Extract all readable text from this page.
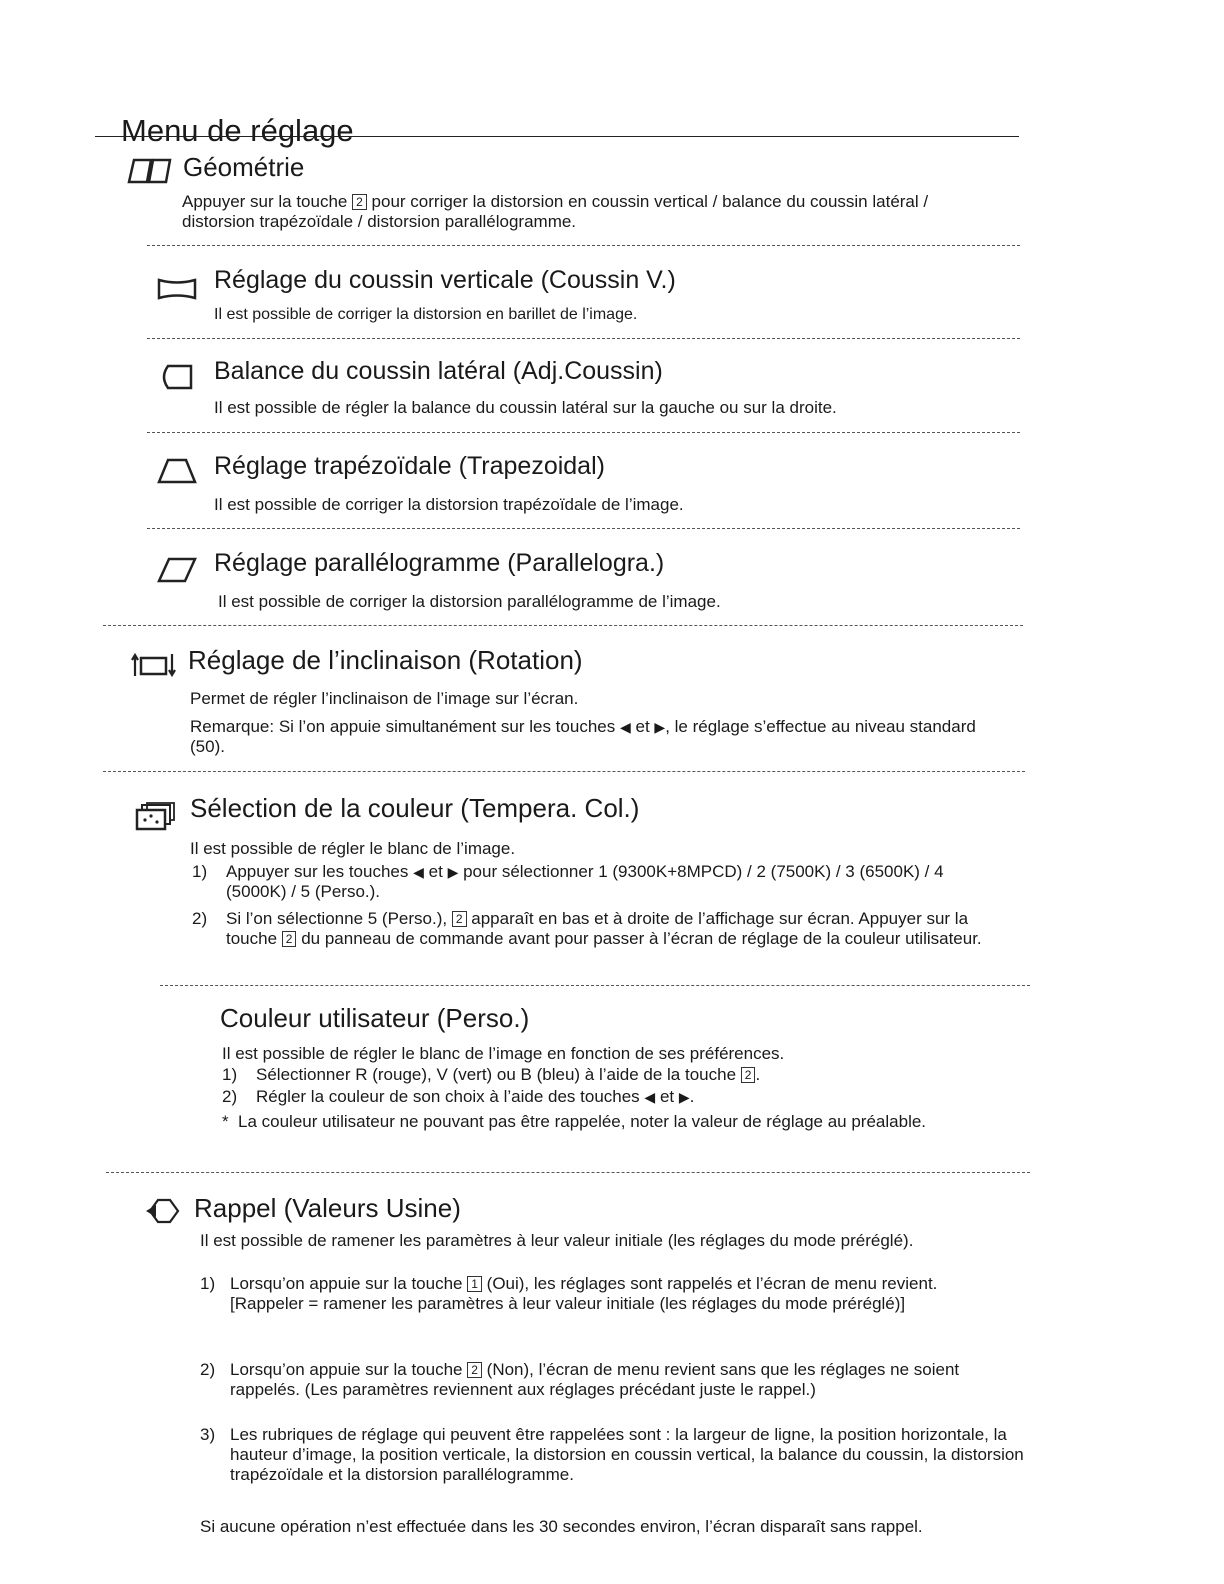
Menu de réglage
Géométrie
Appuyer sur la touche 2 pour corriger la distorsion en coussin vertical / balance du coussin latéral / distorsion trapézoïdale / distorsion parallélogramme.
Réglage du coussin verticale (Coussin V.)
Il est possible de corriger la distorsion en barillet de l’image.
Balance du coussin latéral (Adj.Coussin)
Il est possible de régler la balance du coussin latéral sur la gauche ou sur la droite.
Réglage trapézoïdale (Trapezoidal)
Il est possible de corriger la distorsion trapézoïdale de l’image.
Réglage parallélogramme (Parallelogra.)
Il est possible de corriger la distorsion parallélogramme de l’image.
Réglage de l’inclinaison (Rotation)
Permet de régler l’inclinaison de l’image sur l’écran.
Remarque: Si l’on appuie simultanément sur les touches ◀ et ▶, le réglage s’effectue au niveau standard (50).
Sélection de la couleur (Tempera. Col.)
Il est possible de régler le blanc de l’image.
1)	Appuyer sur les touches ◀ et ▶ pour sélectionner 1 (9300K+8MPCD) / 2 (7500K) / 3 (6500K) / 4 (5000K) / 5 (Perso.).
2)	Si l’on sélectionne 5 (Perso.), 2 apparaît en bas et à droite de l’affichage sur écran. Appuyer sur la touche 2 du panneau de commande avant pour passer à l’écran de réglage de la couleur utilisateur.
Couleur utilisateur (Perso.)
Il est possible de régler le blanc de l’image en fonction de ses préférences.
1)	Sélectionner R (rouge), V (vert) ou B (bleu) à l’aide de la touche 2 .
2)	Régler la couleur de son choix à l’aide des touches ◀ et ▶.
* La couleur utilisateur ne pouvant pas être rappelée, noter la valeur de réglage au préalable.
Rappel (Valeurs Usine)
Il est possible de ramener les paramètres à leur valeur initiale (les réglages du mode préréglé).
1) Lorsqu’on appuie sur la touche 1 (Oui), les réglages sont rappelés et l’écran de menu revient.
[Rappeler = ramener les paramètres à leur valeur initiale (les réglages du mode préréglé)]
2) Lorsqu’on appuie sur la touche 2 (Non), l’écran de menu revient sans que les réglages ne soient rappelés. (Les paramètres reviennent aux réglages précédant juste le rappel.)
3) Les rubriques de réglage qui peuvent être rappelées sont : la largeur de ligne, la position horizontale, la hauteur d’image, la position verticale, la distorsion en coussin vertical, la balance du coussin, la distorsion trapézoïdale et la distorsion parallélogramme.
Si aucune opération n’est effectuée dans les 30 secondes environ, l’écran disparaît sans rappel.
